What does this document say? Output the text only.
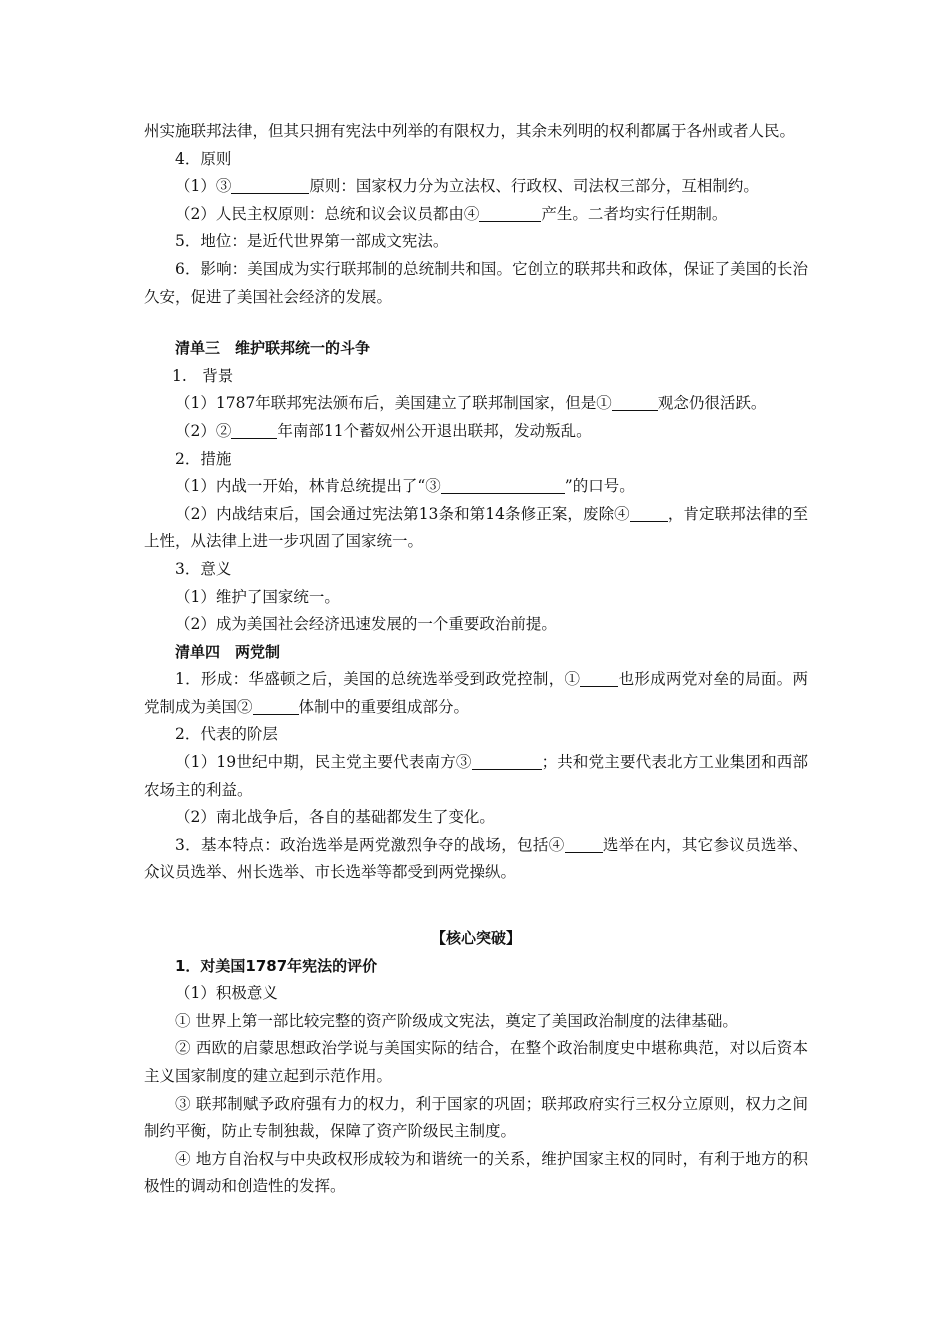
州实施联邦法律，但其只拥有宪法中列举的有限权力，其余未列明的权利都属于各州或者人民。

4．原则

（1）③	原则：国家权力分为立法权、行政权、司法权三部分，互相制约。

（2）人民主权原则：总统和议会议员都由④	产生。二者均实行任期制。

5．地位：是近代世界第一部成文宪法。

6．影响：美国成为实行联邦制的总统制共和国。它创立的联邦共和政体，保证了美国的长治久安，促进了美国社会经济的发展。

清单三　维护联邦统一的斗争

1.　背景

（1）1787年联邦宪法颁布后，美国建立了联邦制国家，但是①	观念仍很活跃。

（2）②	年南部11个蓄奴州公开退出联邦，发动叛乱。

2．措施

（1）内战一开始，林肯总统提出了“③	”的口号。

（2）内战结束后，国会通过宪法第13条和第14条修正案，废除④ ，肯定联邦法律的至上性，从法律上进一步巩固了国家统一。

3．意义

（1）维护了国家统一。

（2）成为美国社会经济迅速发展的一个重要政治前提。

清单四　两党制

1．形成：华盛顿之后，美国的总统选举受到政党控制，① 也形成两党对垒的局面。两党制成为美国②	体制中的重要组成部分。

2．代表的阶层

（1）19世纪中期，民主党主要代表南方③	；共和党主要代表北方工业集团和西部农场主的利益。

（2）南北战争后，各自的基础都发生了变化。

3．基本特点：政治选举是两党激烈争夺的战场，包括④ 选举在内，其它参议员选举、众议员选举、州长选举、市长选举等都受到两党操纵。

【核心突破】

1．对美国1787年宪法的评价

（1）积极意义

① 世界上第一部比较完整的资产阶级成文宪法，奠定了美国政治制度的法律基础。

② 西欧的启蒙思想政治学说与美国实际的结合，在整个政治制度史中堪称典范，对以后资本主义国家制度的建立起到示范作用。

③ 联邦制赋予政府强有力的权力，利于国家的巩固；联邦政府实行三权分立原则，权力之间制约平衡，防止专制独裁，保障了资产阶级民主制度。

④ 地方自治权与中央政权形成较为和谐统一的关系，维护国家主权的同时，有利于地方的积极性的调动和创造性的发挥。
